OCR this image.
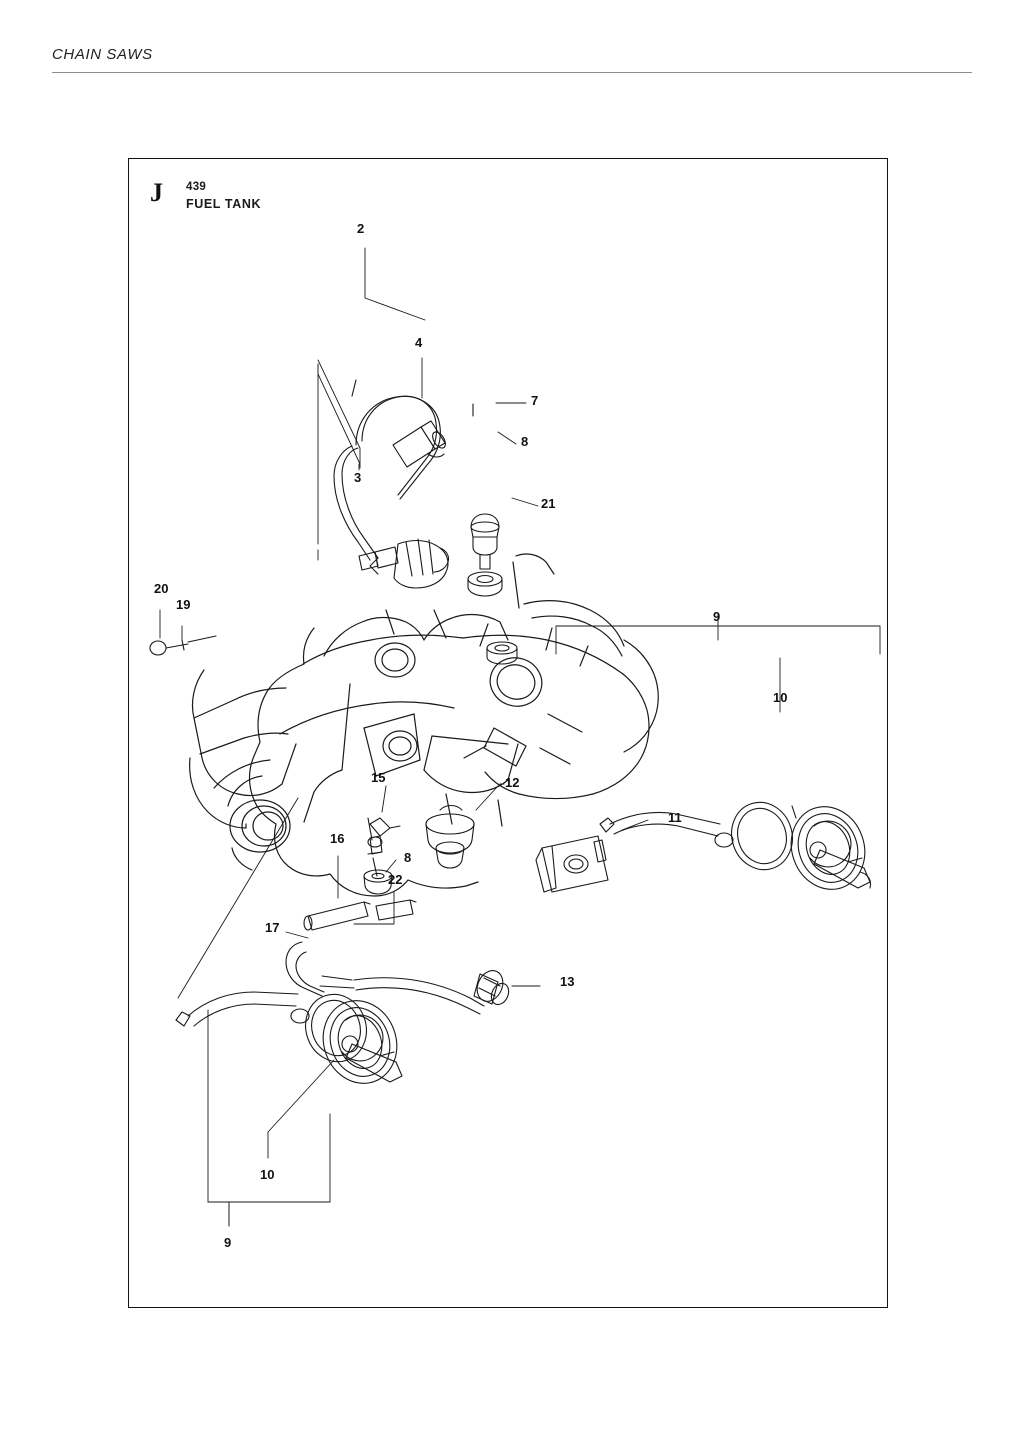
CHAIN SAWS
J 439
FUEL TANK
2
4
7
8
3
21
20
19
9
10
15	12
11
16
8
22
17
13
10
9
